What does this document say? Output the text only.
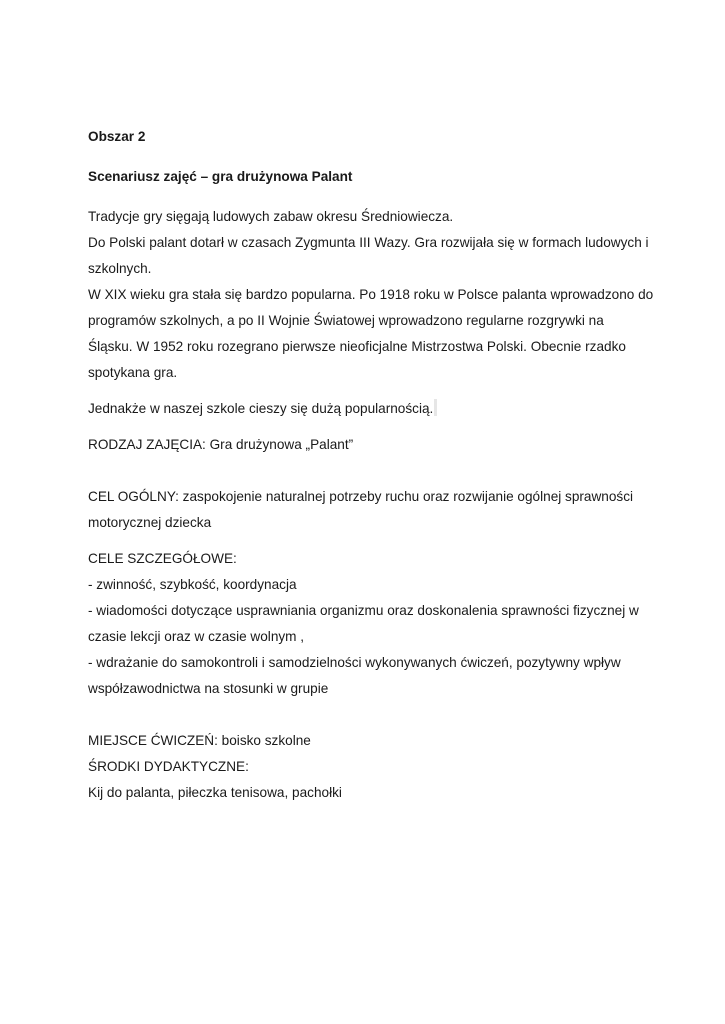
Obszar 2
Scenariusz zajęć – gra drużynowa Palant
Tradycje gry sięgają ludowych zabaw okresu Średniowiecza.
Do Polski palant dotarł w czasach Zygmunta III Wazy. Gra rozwijała się w formach ludowych i
szkolnych.
W XIX wieku gra stała się bardzo popularna. Po 1918 roku w Polsce palanta wprowadzono do
programów szkolnych, a po II Wojnie Światowej wprowadzono regularne rozgrywki na
Śląsku. W 1952 roku rozegrano pierwsze nieoficjalne Mistrzostwa Polski. Obecnie rzadko
spotykana gra.
Jednakże w naszej szkole cieszy się dużą popularnością.
RODZAJ ZAJĘCIA: Gra drużynowa „Palant”
CEL OGÓLNY: zaspokojenie naturalnej potrzeby ruchu oraz rozwijanie ogólnej sprawności
motorycznej dziecka
CELE SZCZEGÓŁOWE:
- zwinność, szybkość, koordynacja
- wiadomości dotyczące usprawniania organizmu oraz doskonalenia sprawności fizycznej w
czasie lekcji oraz w czasie wolnym ,
- wdrażanie do samokontroli i samodzielności wykonywanych ćwiczeń, pozytywny wpływ
współzawodnictwa na stosunki w grupie
MIEJSCE ĆWICZEŃ: boisko szkolne
ŚRODKI DYDAKTYCZNE:
Kij do palanta, piłeczka tenisowa, pachołki
